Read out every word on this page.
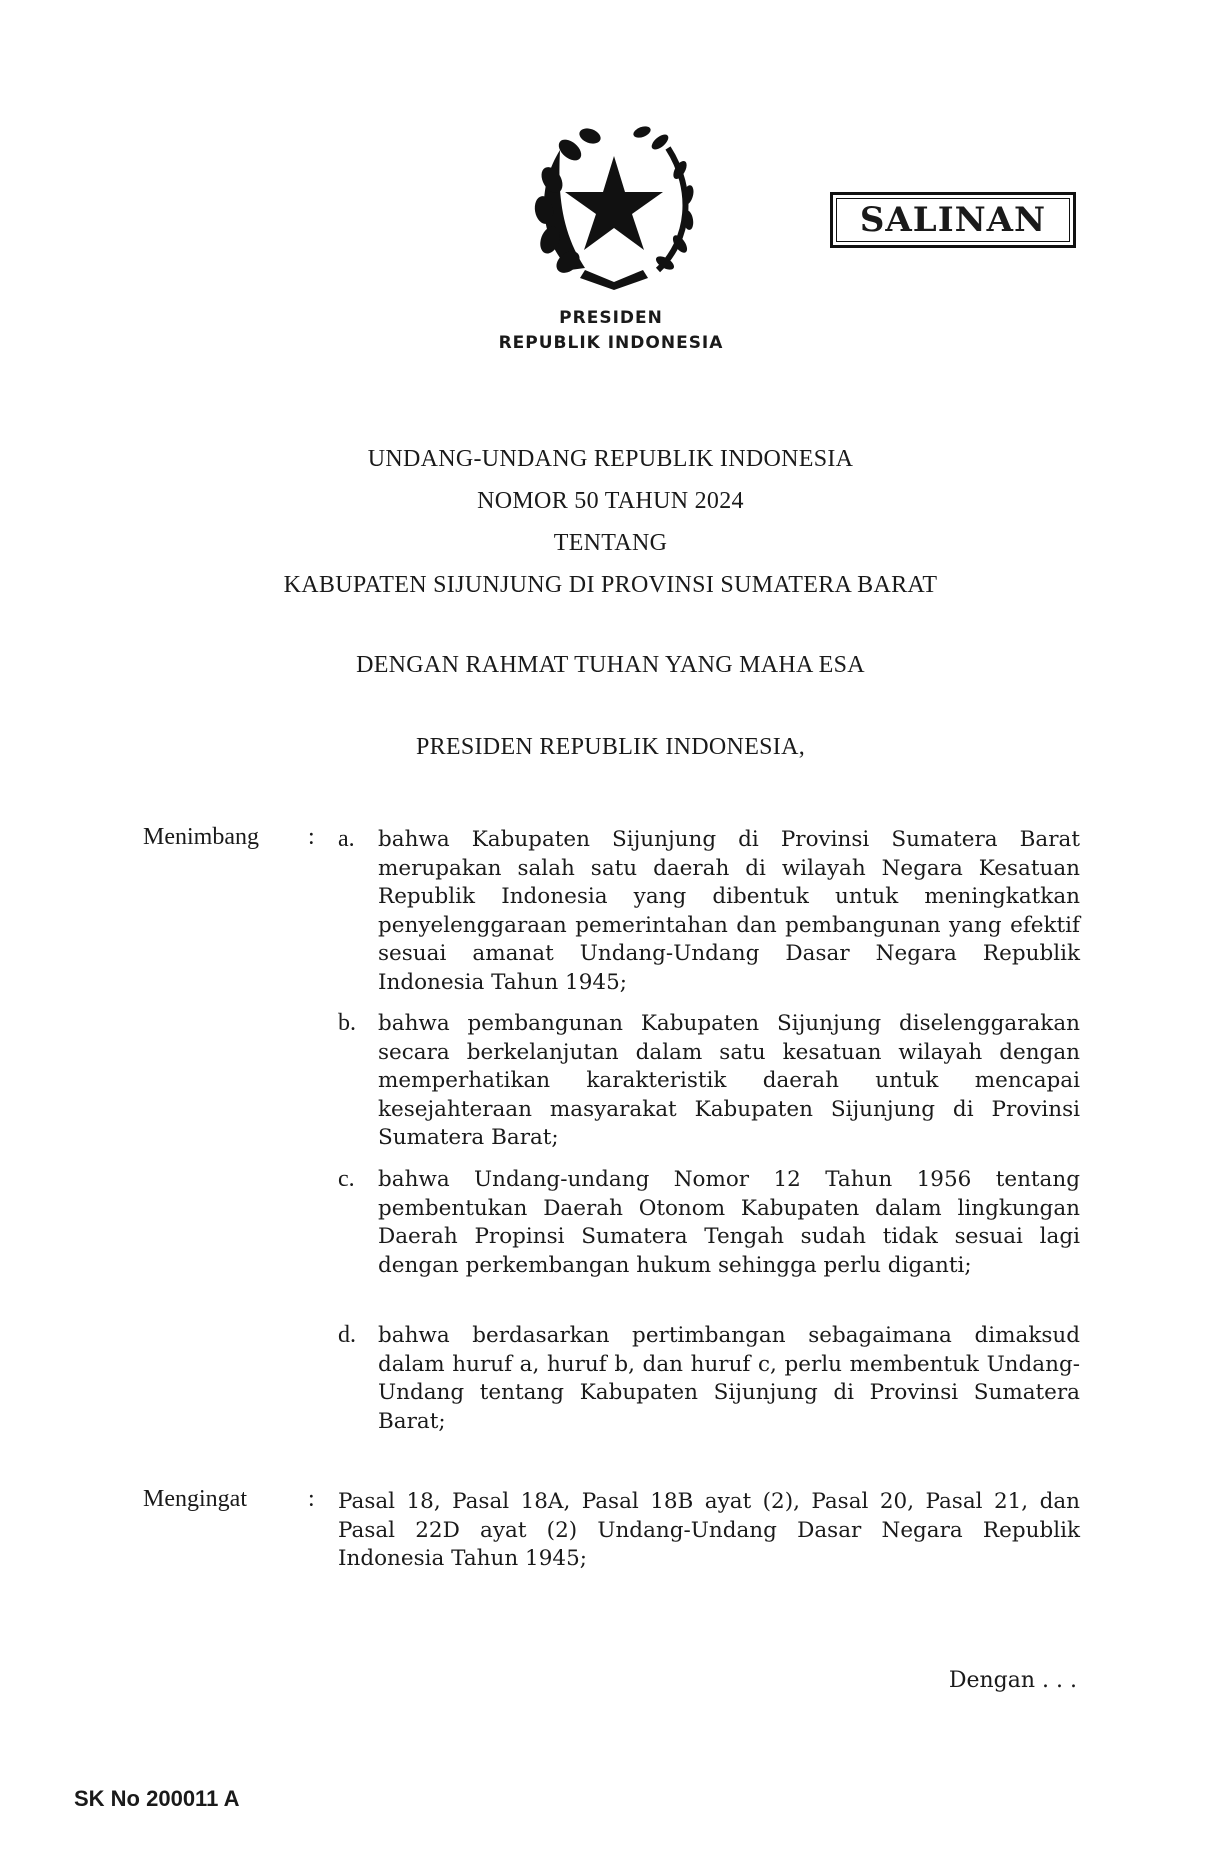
SALINAN
PRESIDEN
REPUBLIK INDONESIA
UNDANG-UNDANG REPUBLIK INDONESIA
NOMOR 50 TAHUN 2024
TENTANG
KABUPATEN SIJUNJUNG DI PROVINSI SUMATERA BARAT
DENGAN RAHMAT TUHAN YANG MAHA ESA
PRESIDEN REPUBLIK INDONESIA,
Menimbang : a. bahwa Kabupaten Sijunjung di Provinsi Sumatera Barat merupakan salah satu daerah di wilayah Negara Kesatuan Republik Indonesia yang dibentuk untuk meningkatkan penyelenggaraan pemerintahan dan pembangunan yang efektif sesuai amanat Undang-Undang Dasar Negara Republik Indonesia Tahun 1945;
b. bahwa pembangunan Kabupaten Sijunjung diselenggarakan secara berkelanjutan dalam satu kesatuan wilayah dengan memperhatikan karakteristik daerah untuk mencapai kesejahteraan masyarakat Kabupaten Sijunjung di Provinsi Sumatera Barat;
c. bahwa Undang-undang Nomor 12 Tahun 1956 tentang pembentukan Daerah Otonom Kabupaten dalam lingkungan Daerah Propinsi Sumatera Tengah sudah tidak sesuai lagi dengan perkembangan hukum sehingga perlu diganti;
d. bahwa berdasarkan pertimbangan sebagaimana dimaksud dalam huruf a, huruf b, dan huruf c, perlu membentuk Undang-Undang tentang Kabupaten Sijunjung di Provinsi Sumatera Barat;
Mengingat	: Pasal 18, Pasal 18A, Pasal 18B ayat (2), Pasal 20, Pasal 21, dan Pasal 22D ayat (2) Undang-Undang Dasar Negara Republik Indonesia Tahun 1945;
Dengan . . .
SK No 200011 A
